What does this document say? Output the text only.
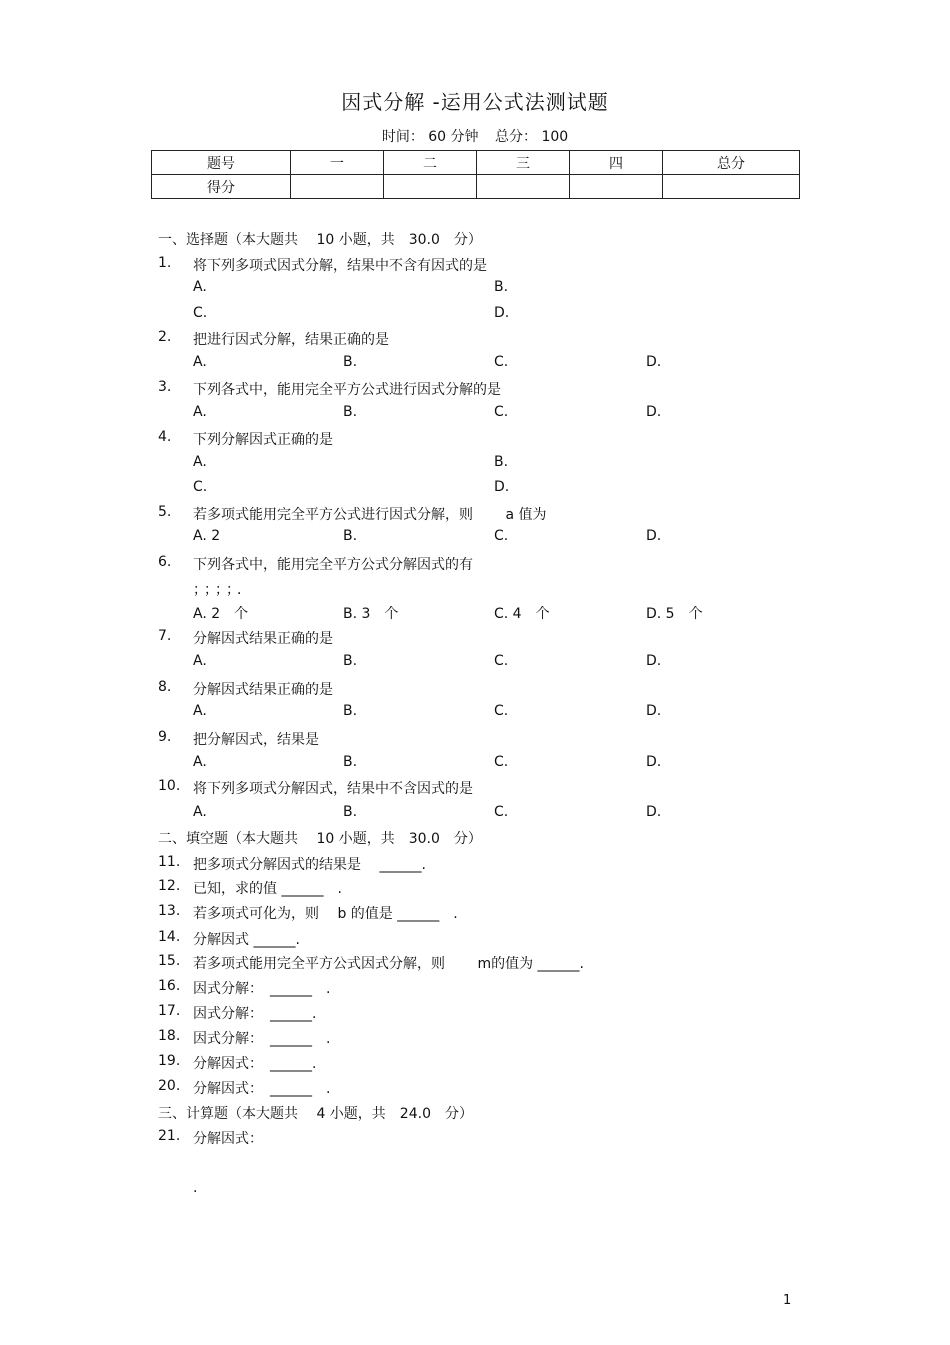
因式分解 -运用公式法测试题
时间： 60 分钟 总分： 100
题号	一	二	三	四	总分
得分					
一、选择题（本大题共　 10 小题，共　30.0　分）
1. 将下列多项式因式分解，结果中不含有因式的是
A.	B.
C.	D.
2. 把进行因式分解，结果正确的是
A.	B.	C.	D.
3. 下列各式中，能用完全平方公式进行因式分解的是
A.	B.	C.	D.
4. 下列分解因式正确的是
A.	B.
C.	D.
5. 若多项式能用完全平方公式进行因式分解，则　　 a 值为
A. 2	B.	C.	D.
6. 下列各式中，能用完全平方公式分解因式的有
；；；；．
A. 2　个	B. 3　个	C. 4　个	D. 5　个
7. 分解因式结果正确的是
A.	B.	C.	D.
8. 分解因式结果正确的是
A.	B.	C.	D.
9. 把分解因式，结果是
A.	B.	C.	D.
10. 将下列多项式分解因式，结果中不含因式的是
A.	B.	C.	D.
二、填空题（本大题共　 10 小题，共　30.0　分）
11. 把多项式分解因式的结果是　 ______.
12. 已知，求的值 ______　.
13. 若多项式可化为，则　 b 的值是 ______　.
14. 分解因式 ______.
15. 若多项式能用完全平方公式因式分解，则　　 m的值为 ______.
16. 因式分解：　______　.
17. 因式分解：　______.
18. 因式分解：　______　.
19. 分解因式：　______.
20. 分解因式：　______　.
三、计算题（本大题共　 4 小题，共　24.0　分）
21. 分解因式：
.
1
